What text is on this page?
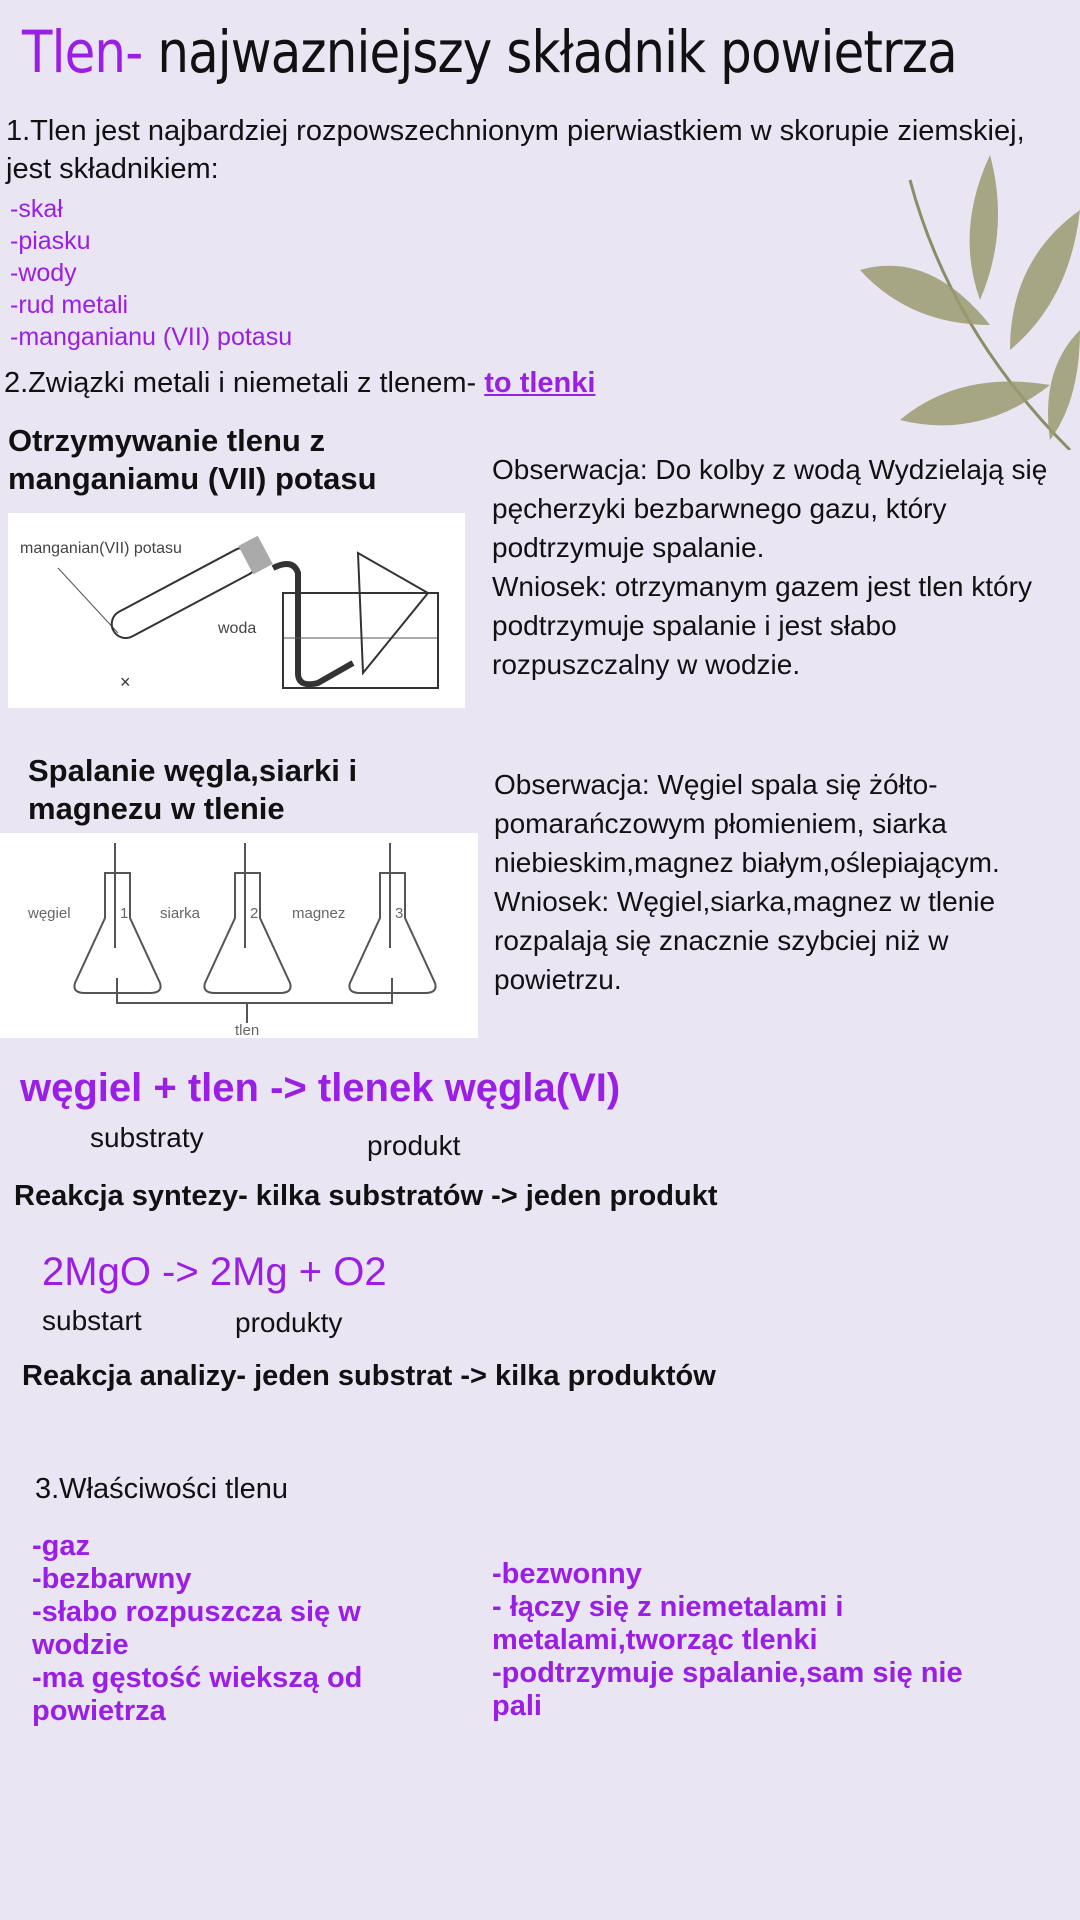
Tlen- najwazniejszy składnik powietrza
1.Tlen jest najbardziej rozpowszechnionym pierwiastkiem w skorupie ziemskiej, jest składnikiem:
-skał
-piasku
-wody
-rud metali
-manganianu (VII) potasu
2.Związki metali i niemetali z tlenem- to tlenki
Otrzymywanie tlenu z manganiamu (VII) potasu
manganian(VII) potasu
woda
×
Obserwacja: Do kolby z wodą Wydzielają się pęcherzyki bezbarwnego gazu, który podtrzymuje spalanie.
Wniosek: otrzymanym gazem jest tlen który podtrzymuje spalanie i jest słabo rozpuszczalny w wodzie.
Spalanie węgla,siarki i magnezu w tlenie
węgiel	siarka	magnez
1	2	3
tlen
Obserwacja: Węgiel spala się żółto-pomarańczowym płomieniem, siarka niebieskim,magnez białym,oślepiającym.
Wniosek: Węgiel,siarka,magnez w tlenie rozpalają się znacznie szybciej niż w powietrzu.
węgiel + tlen -> tlenek węgla(VI)
substraty	produkt
Reakcja syntezy- kilka substratów -> jeden produkt
2MgO -> 2Mg + O2
substart	produkty
Reakcja analizy- jeden substrat -> kilka produktów
3.Właściwości tlenu
-gaz
-bezbarwny
-słabo rozpuszcza się w wodzie
-ma gęstość wiekszą od powietrza
-bezwonny
- łączy się z niemetalami i metalami,tworząc tlenki
-podtrzymuje spalanie,sam się nie pali
